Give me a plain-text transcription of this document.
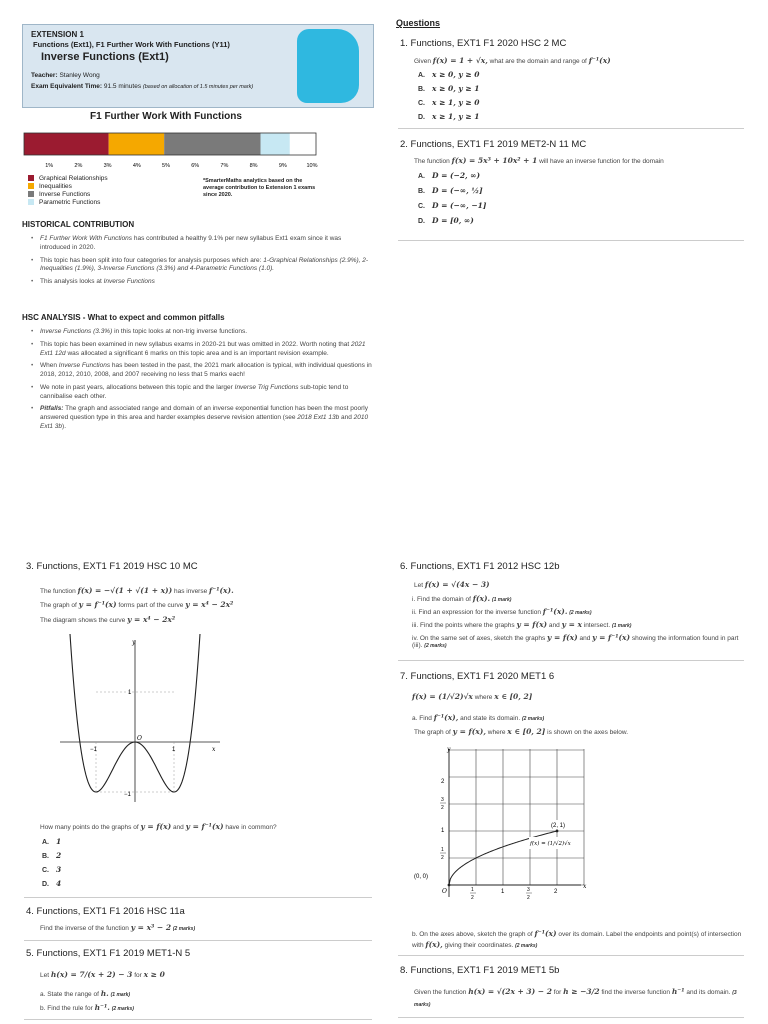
EXTENSION 1
Functions (Ext1), F1 Further Work With Functions (Y11)
Inverse Functions (Ext1)
Teacher: Stanley Wong
Exam Equivalent Time: 91.5 minutes (based on allocation of 1.5 minutes per mark)
F1 Further Work With Functions
1%	2%	3%	4%	5%	6%	7%	8%	9%	10%
Graphical Relationships
Inequalities
Inverse Functions
Parametric Functions
*SmarterMaths analytics based on the average contribution to Extension 1 exams since 2020.
HISTORICAL CONTRIBUTION
• F1 Further Work With Functions has contributed a healthy 9.1% per new syllabus Ext1 exam since it was introduced in 2020.
• This topic has been split into four categories for analysis purposes which are: 1-Graphical Relationships (2.9%), 2-Inequalities (1.9%), 3-Inverse Functions (3.3%) and 4-Parametric Functions (1.0).
• This analysis looks at Inverse Functions
HSC ANALYSIS - What to expect and common pitfalls
• Inverse Functions (3.3%) in this topic looks at non-trig inverse functions.
• This topic has been examined in new syllabus exams in 2020-21 but was omitted in 2022. Worth noting that 2021 Ext1 12d was allocated a significant 6 marks on this topic area and is an important revision example.
• When Inverse Functions has been tested in the past, the 2021 mark allocation is typical, with individual questions in 2018, 2012, 2010, 2008, and 2007 receiving no less that 5 marks each!
• We note in past years, allocations between this topic and the larger Inverse Trig Functions sub-topic tend to cannibalise each other.
• Pitfalls: The graph and associated range and domain of an inverse exponential function has been the most poorly answered question type in this area and harder examples deserve revision attention (see 2018 Ext1 13b and 2010 Ext1 3b).
Questions
1. Functions, EXT1 F1 2020 HSC 2 MC
Given f(x) = 1 + √x, what are the domain and range of f⁻¹(x)
A. x ≥ 0, y ≥ 0
B. x ≥ 0, y ≥ 1
C. x ≥ 1, y ≥ 0
D. x ≥ 1, y ≥ 1
2. Functions, EXT1 F1 2019 MET2-N 11 MC
The function f(x) = 5x³ + 10x² + 1 will have an inverse function for the domain
A. D = (−2, ∞)
B. D = (−∞, ½]
C. D = (−∞, −1]
D. D = [0, ∞)
3. Functions, EXT1 F1 2019 HSC 10 MC
The function f(x) = −√(1 + √(1 + x)) has inverse f⁻¹(x).
The graph of y = f⁻¹(x) forms part of the curve y = x⁴ − 2x²
The diagram shows the curve y = x⁴ − 2x²
y
x
O
1
−1
−1	1
How many points do the graphs of y = f(x) and y = f⁻¹(x) have in common?
A. 1
B. 2
C. 3
D. 4
4. Functions, EXT1 F1 2016 HSC 11a
Find the inverse of the function y = x³ − 2 (2 marks)
5. Functions, EXT1 F1 2019 MET1-N 5
Let h(x) = 7/(x + 2) − 3 for x ≥ 0
a. State the range of h. (1 mark)
b. Find the rule for h⁻¹. (2 marks)
6. Functions, EXT1 F1 2012 HSC 12b
Let f(x) = √(4x − 3)
i. Find the domain of f(x). (1 mark)
ii. Find an expression for the inverse function f⁻¹(x). (2 marks)
iii. Find the points where the graphs y = f(x) and y = x intersect. (1 mark)
iv. On the same set of axes, sketch the graphs y = f(x) and y = f⁻¹(x) showing the information found in part (iii). (2 marks)
7. Functions, EXT1 F1 2020 MET1 6
f(x) = (1/√2)√x where x ∈ [0, 2]
a. Find f⁻¹(x), and state its domain. (2 marks)
The graph of y = f(x), where x ∈ [0, 2] is shown on the axes below.
(2, 1)
(0, 0)
f(x) = (1/√2)√x
y
x
O
2
3
2
1
1
2
1
2
1	3
2
2
b. On the axes above, sketch the graph of f⁻¹(x) over its domain. Label the endpoints and point(s) of intersection with f(x), giving their coordinates. (2 marks)
8. Functions, EXT1 F1 2019 MET1 5b
Given the function h(x) = √(2x + 3) − 2 for h ≥ −3/2 find the inverse function h⁻¹ and its domain. (3 marks)
